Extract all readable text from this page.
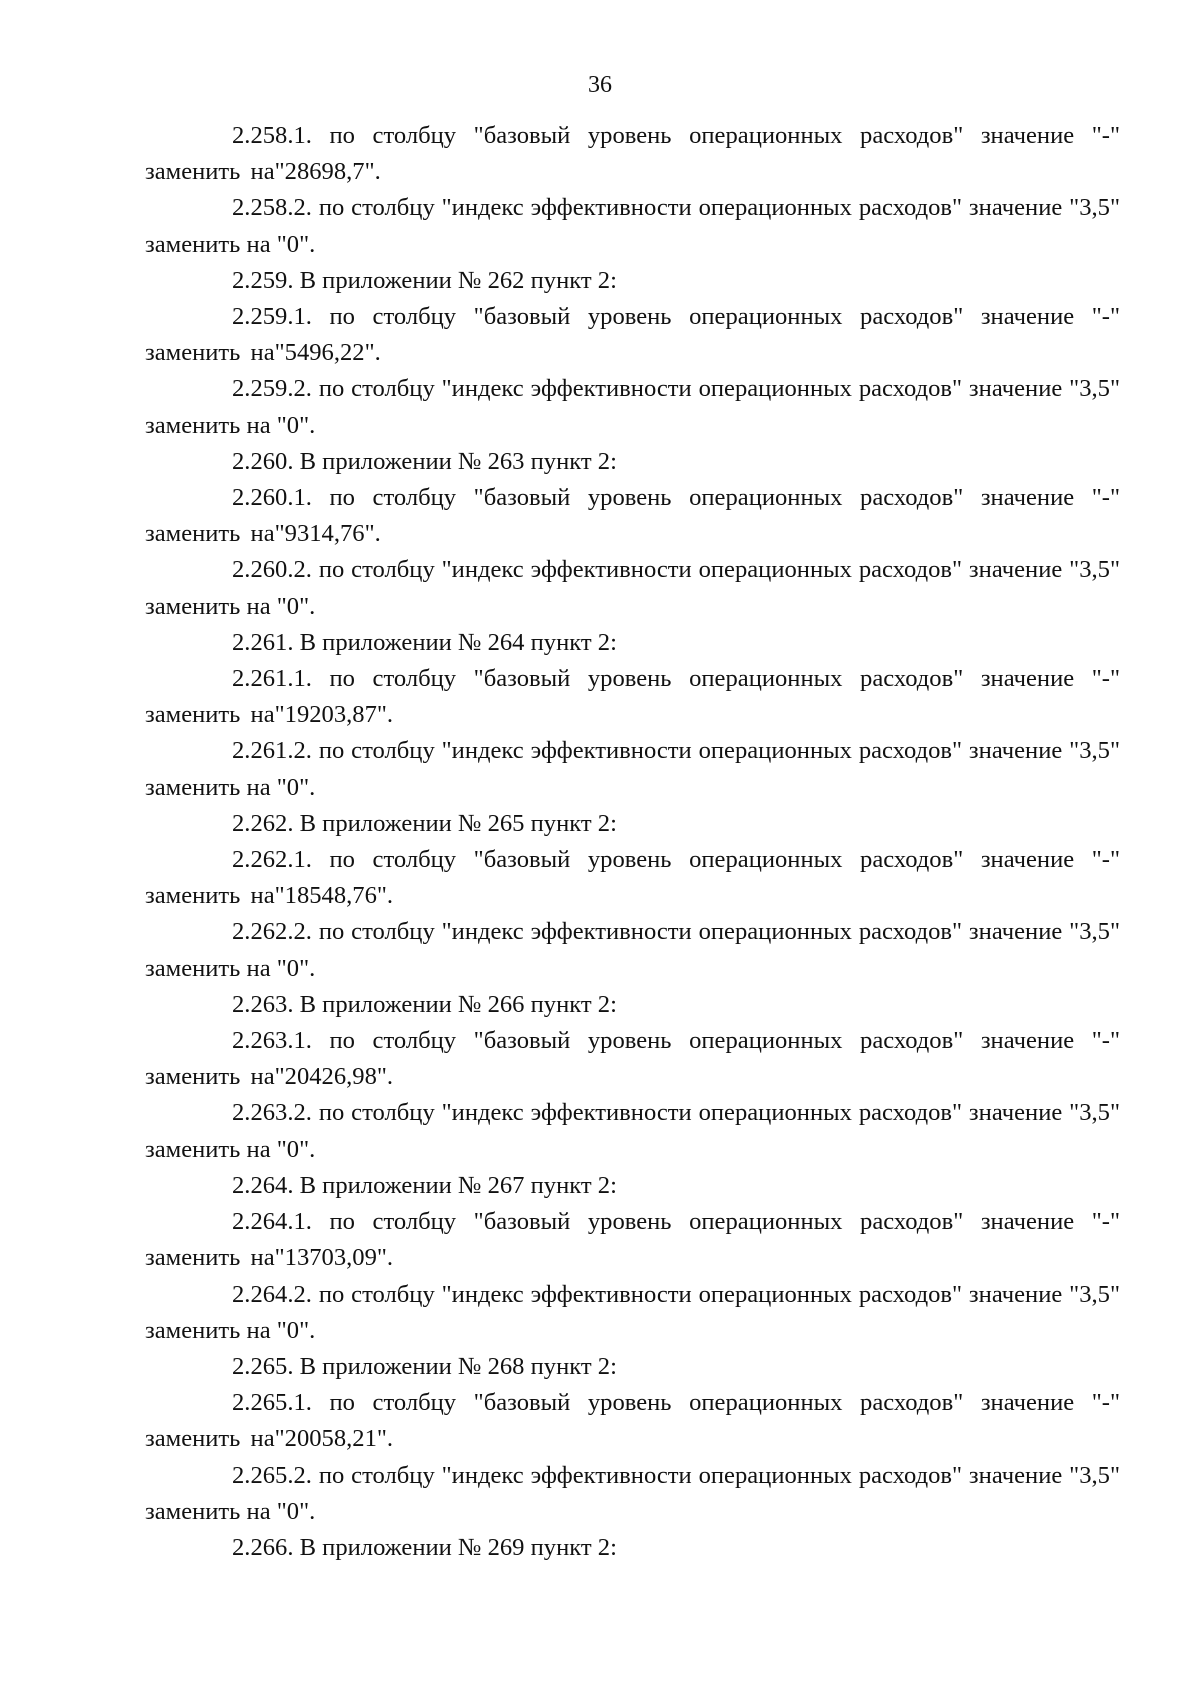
36

2.258.1. по столбцу "базовый уровень операционных расходов" значение "-" заменить на"28698,7".

2.258.2. по столбцу "индекс эффективности операционных расходов" значение "3,5" заменить на "0".

2.259. В приложении № 262 пункт 2:

2.259.1. по столбцу "базовый уровень операционных расходов" значение "-" заменить на"5496,22".

2.259.2. по столбцу "индекс эффективности операционных расходов" значение "3,5" заменить на "0".

2.260. В приложении № 263 пункт 2:

2.260.1. по столбцу "базовый уровень операционных расходов" значение "-" заменить на"9314,76".

2.260.2. по столбцу "индекс эффективности операционных расходов" значение "3,5" заменить на "0".

2.261. В приложении № 264 пункт 2:

2.261.1. по столбцу "базовый уровень операционных расходов" значение "-" заменить на"19203,87".

2.261.2. по столбцу "индекс эффективности операционных расходов" значение "3,5" заменить на "0".

2.262. В приложении № 265 пункт 2:

2.262.1. по столбцу "базовый уровень операционных расходов" значение "-" заменить на"18548,76".

2.262.2. по столбцу "индекс эффективности операционных расходов" значение "3,5" заменить на "0".

2.263. В приложении № 266 пункт 2:

2.263.1. по столбцу "базовый уровень операционных расходов" значение "-" заменить на"20426,98".

2.263.2. по столбцу "индекс эффективности операционных расходов" значение "3,5" заменить на "0".

2.264. В приложении № 267 пункт 2:

2.264.1. по столбцу "базовый уровень операционных расходов" значение "-" заменить на"13703,09".

2.264.2. по столбцу "индекс эффективности операционных расходов" значение "3,5" заменить на "0".

2.265. В приложении № 268 пункт 2:

2.265.1. по столбцу "базовый уровень операционных расходов" значение "-" заменить на"20058,21".

2.265.2. по столбцу "индекс эффективности операционных расходов" значение "3,5" заменить на "0".

2.266. В приложении № 269 пункт 2:
